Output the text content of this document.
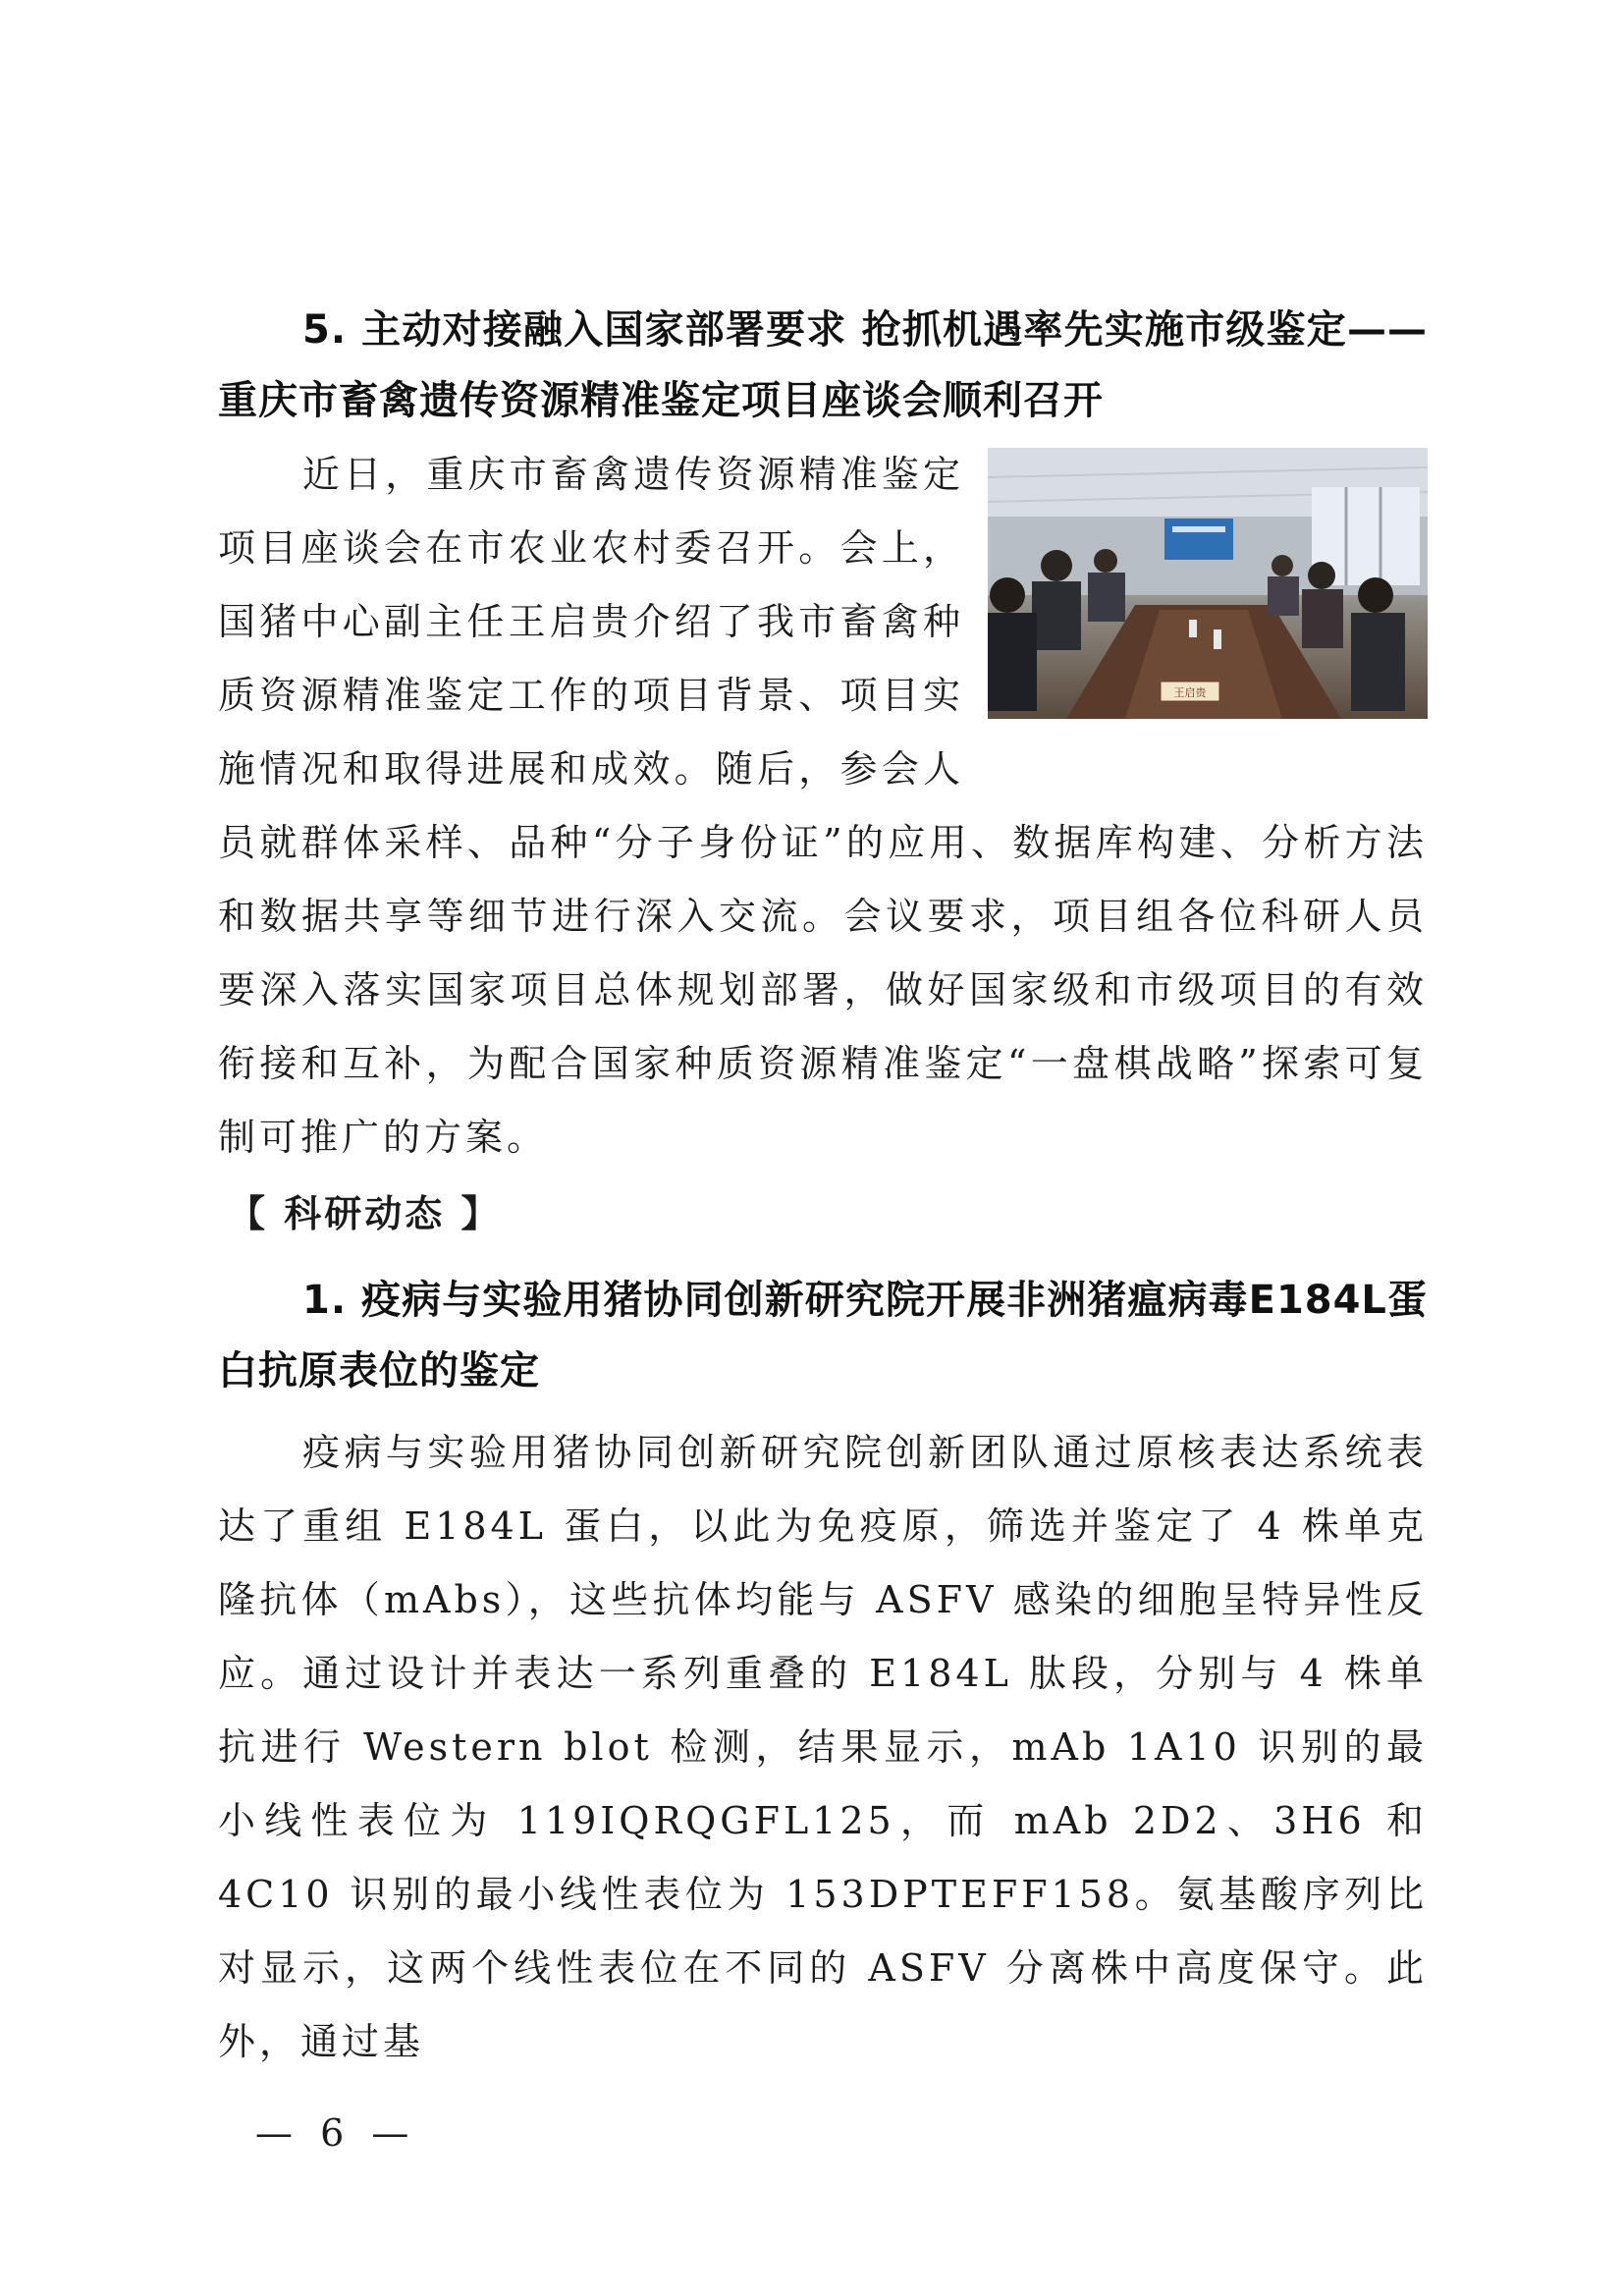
5. 主动对接融入国家部署要求 抢抓机遇率先实施市级鉴定——重庆市畜禽遗传资源精准鉴定项目座谈会顺利召开

王启贵

近日，重庆市畜禽遗传资源精准鉴定项目座谈会在市农业农村委召开。会上，国猪中心副主任王启贵介绍了我市畜禽种质资源精准鉴定工作的项目背景、项目实施情况和取得进展和成效。随后，参会人员就群体采样、品种“分子身份证”的应用、数据库构建、分析方法和数据共享等细节进行深入交流。会议要求，项目组各位科研人员要深入落实国家项目总体规划部署，做好国家级和市级项目的有效衔接和互补，为配合国家种质资源精准鉴定“一盘棋战略”探索可复制可推广的方案。

【 科研动态 】

1. 疫病与实验用猪协同创新研究院开展非洲猪瘟病毒E184L蛋白抗原表位的鉴定

疫病与实验用猪协同创新研究院创新团队通过原核表达系统表达了重组 E184L 蛋白，以此为免疫原，筛选并鉴定了 4 株单克隆抗体（mAbs），这些抗体均能与 ASFV 感染的细胞呈特异性反应。通过设计并表达一系列重叠的 E184L 肽段，分别与 4 株单抗进行 Western blot 检测，结果显示，mAb 1A10 识别的最小线性表位为 119IQRQGFL125，而 mAb 2D2、3H6 和 4C10 识别的最小线性表位为 153DPTEFF158。氨基酸序列比对显示，这两个线性表位在不同的 ASFV 分离株中高度保守。此外，通过基

— 6 —
